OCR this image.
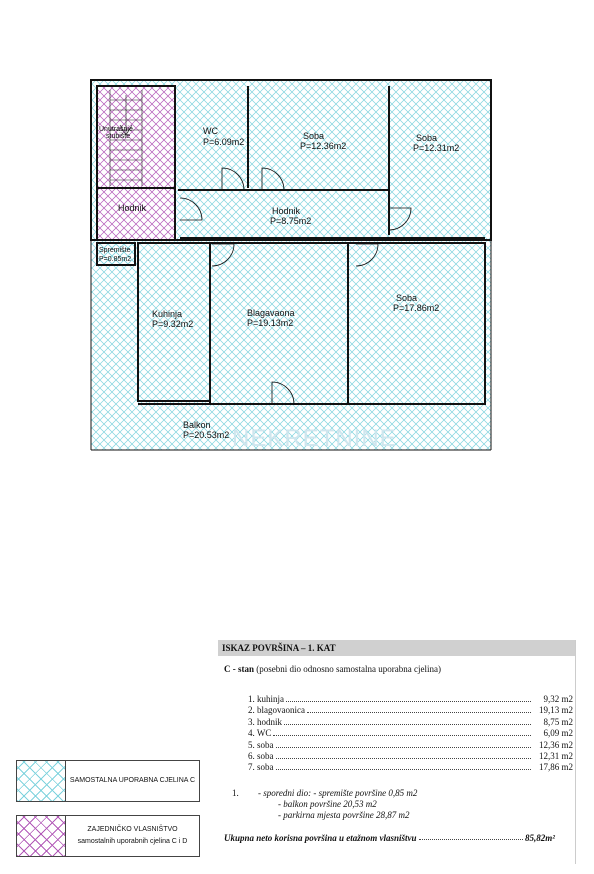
WC
P=6.09m2
Soba
P=12.36m2
Soba
P=12.31m2
Hodnik	Hodnik
P=8.75m2
Spremište
P=0.85m2
Kuhinja
P=9.32m2
Blagavaona
P=19.13m2
Soba
P=17.86m2
Balkon
P=20.53m2
Unutrašnje
stubište
NEKRETNINE
SAMOSTALNA UPORABNA CJELINA C
ZAJEDNIČKO VLASNIŠTVO
samostalnih uporabnih cjelina C i D
ISKAZ POVRŠINA – 1. KAT
C - stan (posebni dio odnosno samostalna uporabna cjelina)
1. kuhinja	9,32 m2
2. blagovaonica	19,13 m2
3. hodnik	8,75 m2
4. WC	6,09 m2
5. soba	12,36 m2
6. soba	12,31 m2
7. soba	17,86 m2
1. - sporedni dio: - spremište površine 0,85 m2
- balkon površine 20,53 m2
- parkirna mjesta površine 28,87 m2
Ukupna neto korisna površina u etažnom vlasništvu	85,82m²
